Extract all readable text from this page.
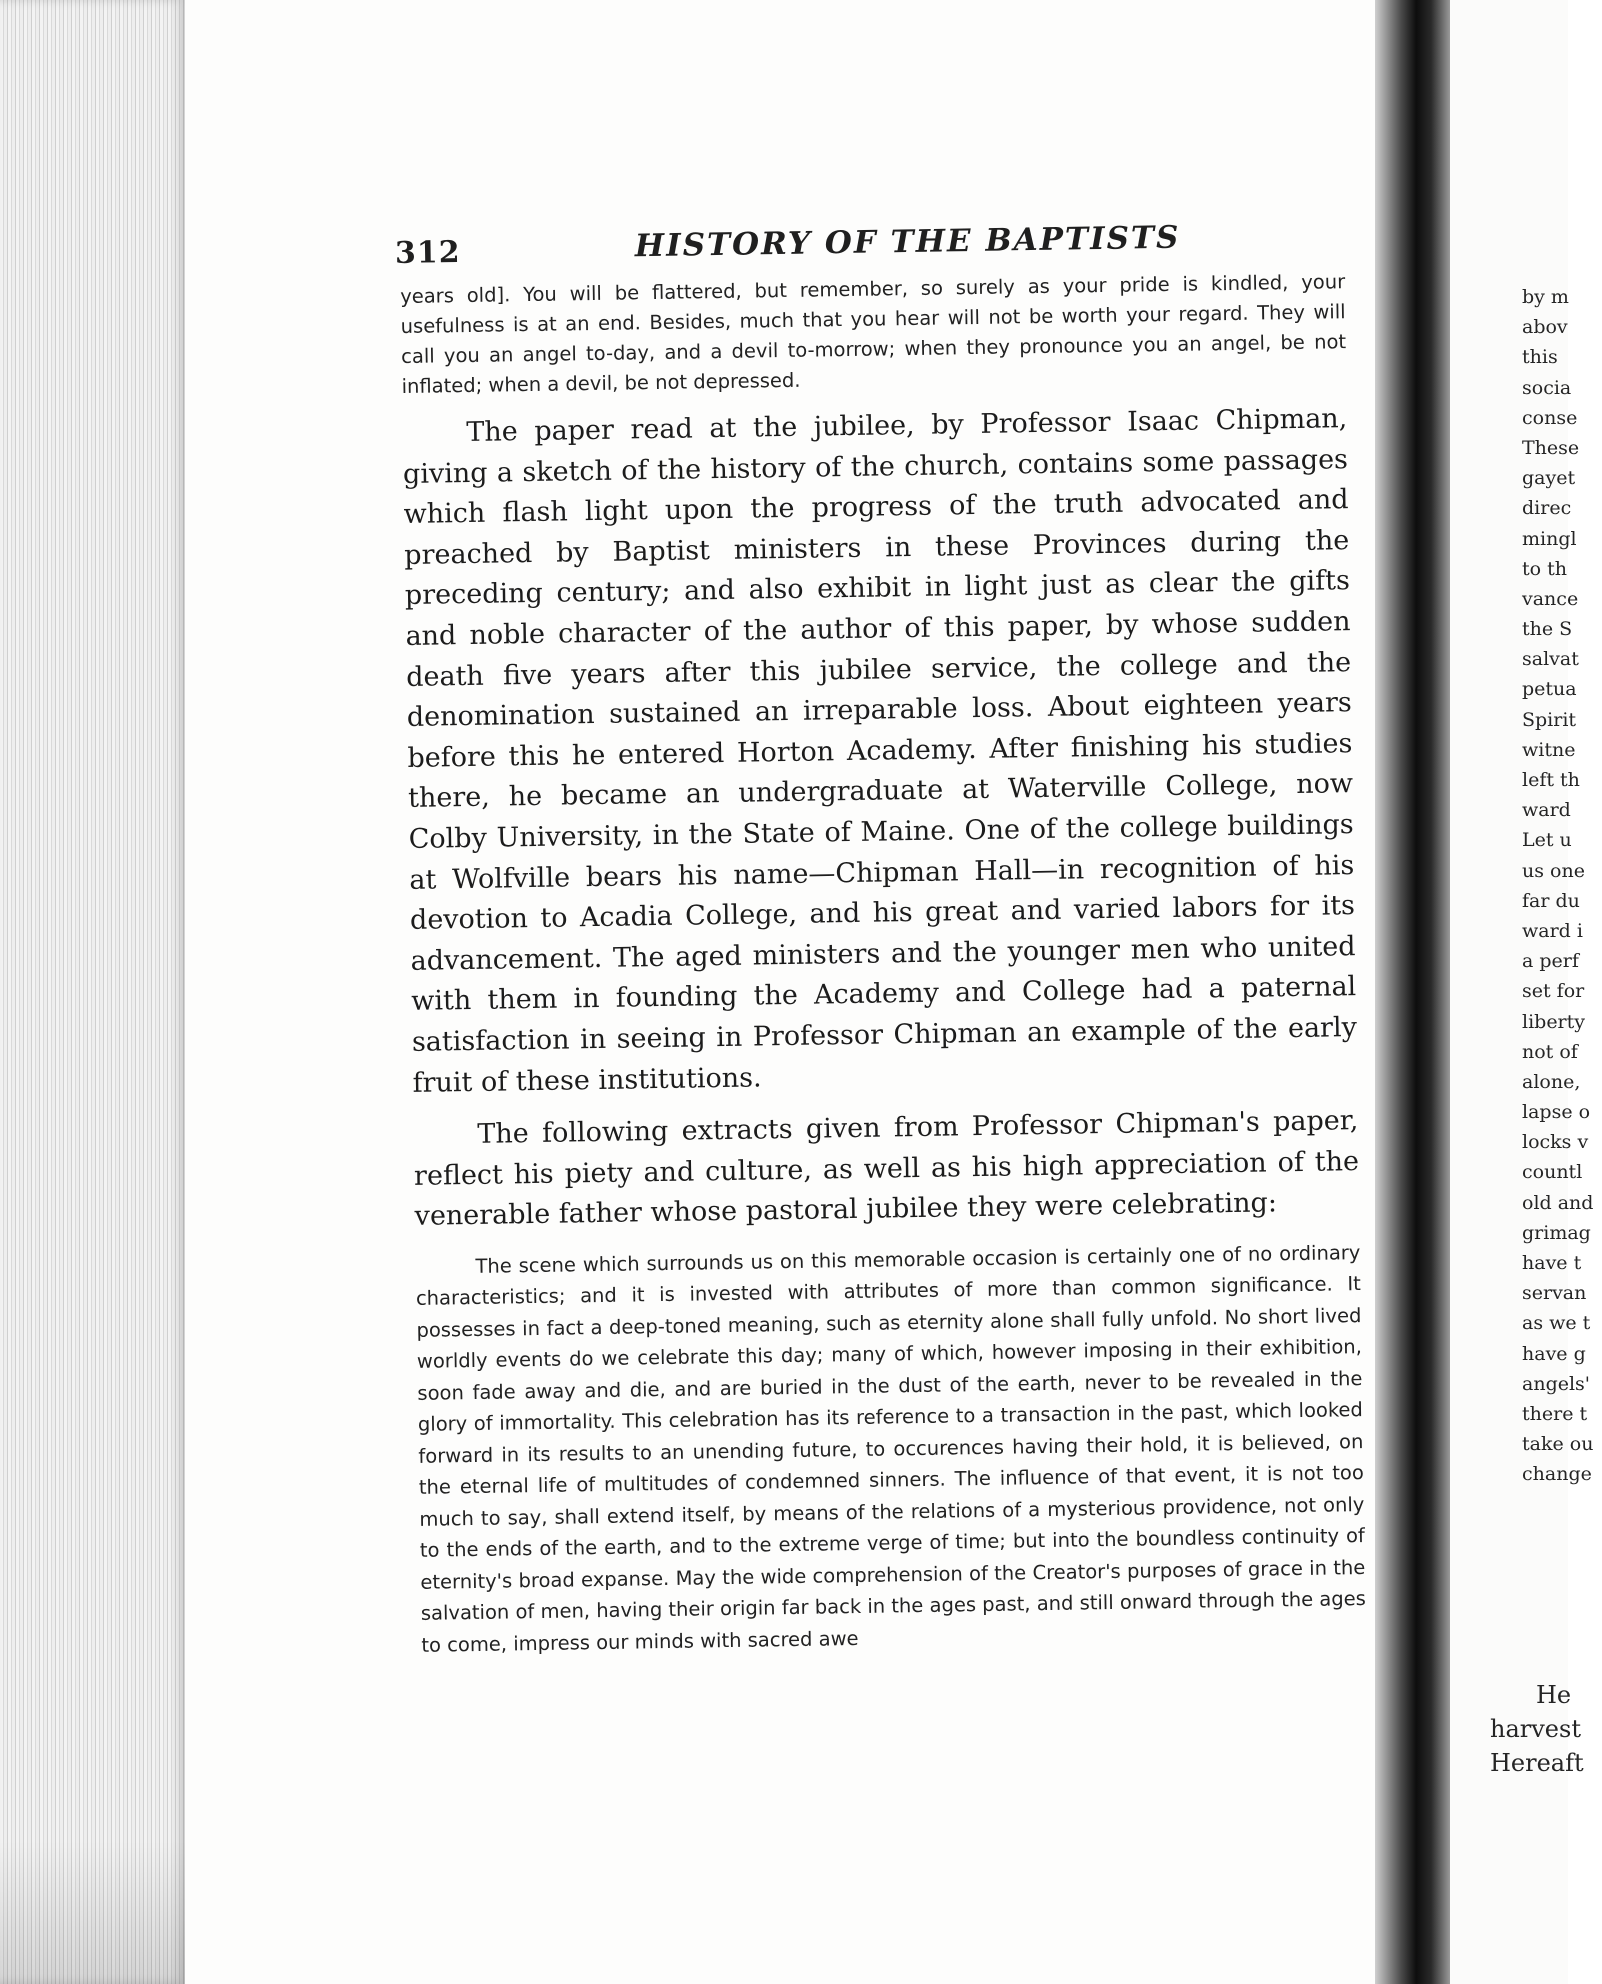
312	HISTORY OF THE BAPTISTS

years old]. You will be flattered, but remember, so surely as your pride is kindled, your usefulness is at an end. Besides, much that you hear will not be worth your regard. They will call you an angel to-day, and a devil to-morrow; when they pronounce you an angel, be not inflated; when a devil, be not depressed.

The paper read at the jubilee, by Professor Isaac Chipman, giving a sketch of the history of the church, contains some passages which flash light upon the progress of the truth advocated and preached by Baptist ministers in these Provinces during the preceding century; and also exhibit in light just as clear the gifts and noble character of the author of this paper, by whose sudden death five years after this jubilee service, the college and the denomination sustained an irreparable loss. About eighteen years before this he entered Horton Academy. After finishing his studies there, he became an undergraduate at Waterville College, now Colby University, in the State of Maine. One of the college buildings at Wolfville bears his name—Chipman Hall—in recognition of his devotion to Acadia College, and his great and varied labors for its advancement. The aged ministers and the younger men who united with them in founding the Academy and College had a paternal satisfaction in seeing in Professor Chipman an example of the early fruit of these institutions.

The following extracts given from Professor Chipman's paper, reflect his piety and culture, as well as his high appreciation of the venerable father whose pastoral jubilee they were celebrating:

The scene which surrounds us on this memorable occasion is certainly one of no ordinary characteristics; and it is invested with attributes of more than common significance. It possesses in fact a deep-toned meaning, such as eternity alone shall fully unfold. No short lived worldly events do we celebrate this day; many of which, however imposing in their exhibition, soon fade away and die, and are buried in the dust of the earth, never to be revealed in the glory of immortality. This celebration has its reference to a transaction in the past, which looked forward in its results to an unending future, to occurences having their hold, it is believed, on the eternal life of multitudes of condemned sinners. The influence of that event, it is not too much to say, shall extend itself, by means of the relations of a mysterious providence, not only to the ends of the earth, and to the extreme verge of time; but into the boundless continuity of eternity's broad expanse. May the wide comprehension of the Creator's purposes of grace in the salvation of men, having their origin far back in the ages past, and still onward through the ages to come, impress our minds with sacred awe

by m
abov
this
socia
conse
These
gayet
direc
mingl
to th
vance
the S
salvat
petua
Spirit
witne
left th
ward
Let u
us one
far du
ward i
a perf
set for
liberty
not of
alone,
lapse o
locks v
countl
old and
grimag
have t
servan
as we t
have g
angels'
there t
take ou
change
He
harvest
Hereaft
